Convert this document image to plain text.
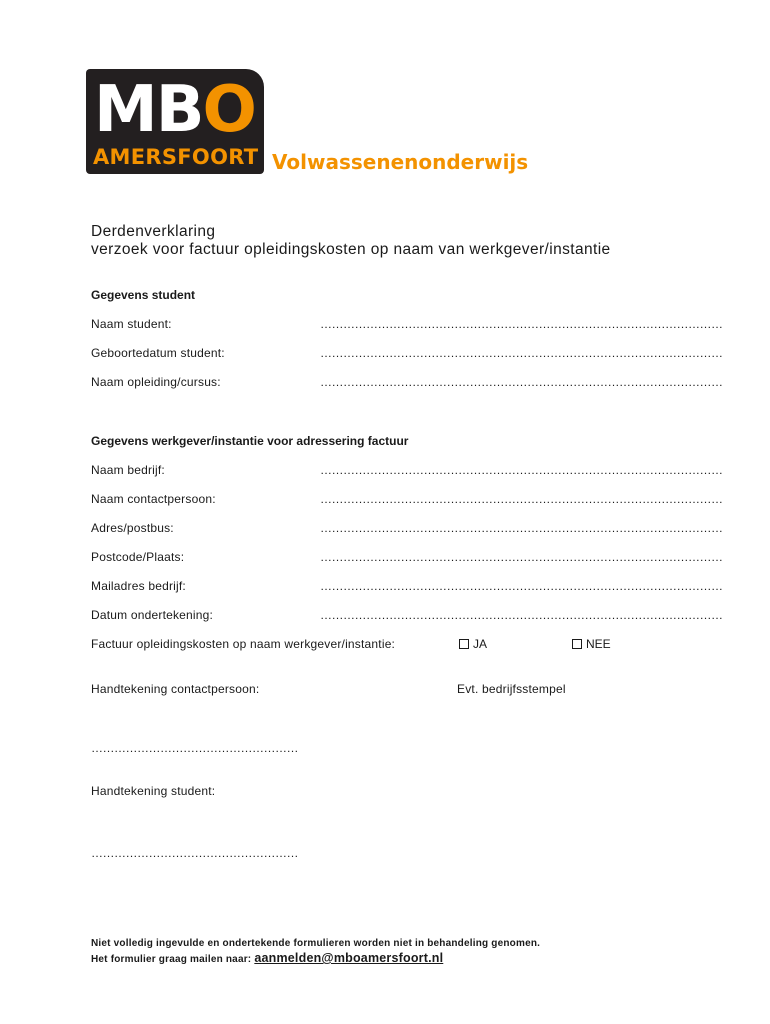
MBO
AMERSFOORT Volwassenenonderwijs
Derdenverklaring
verzoek voor factuur opleidingskosten op naam van werkgever/instantie
Gegevens student
Naam student:	……………………………………………………………………………………………
Geboortedatum student:	……………………………………………………………………………………………
Naam opleiding/cursus:	……………………………………………………………………………………………
Gegevens werkgever/instantie voor adressering factuur
Naam bedrijf:	……………………………………………………………………………………………
Naam contactpersoon:	……………………………………………………………………………………………
Adres/postbus:	……………………………………………………………………………………………
Postcode/Plaats:	……………………………………………………………………………………………
Mailadres bedrijf:	……………………………………………………………………………………………
Datum ondertekening:	……………………………………………………………………………………………
Factuur opleidingskosten op naam werkgever/instantie:	JA	NEE
Handtekening contactpersoon:	Evt. bedrijfsstempel
………………………………………………
Handtekening student:
………………………………………………
Niet volledig ingevulde en ondertekende formulieren worden niet in behandeling genomen.
Het formulier graag mailen naar: aanmelden@mboamersfoort.nl
